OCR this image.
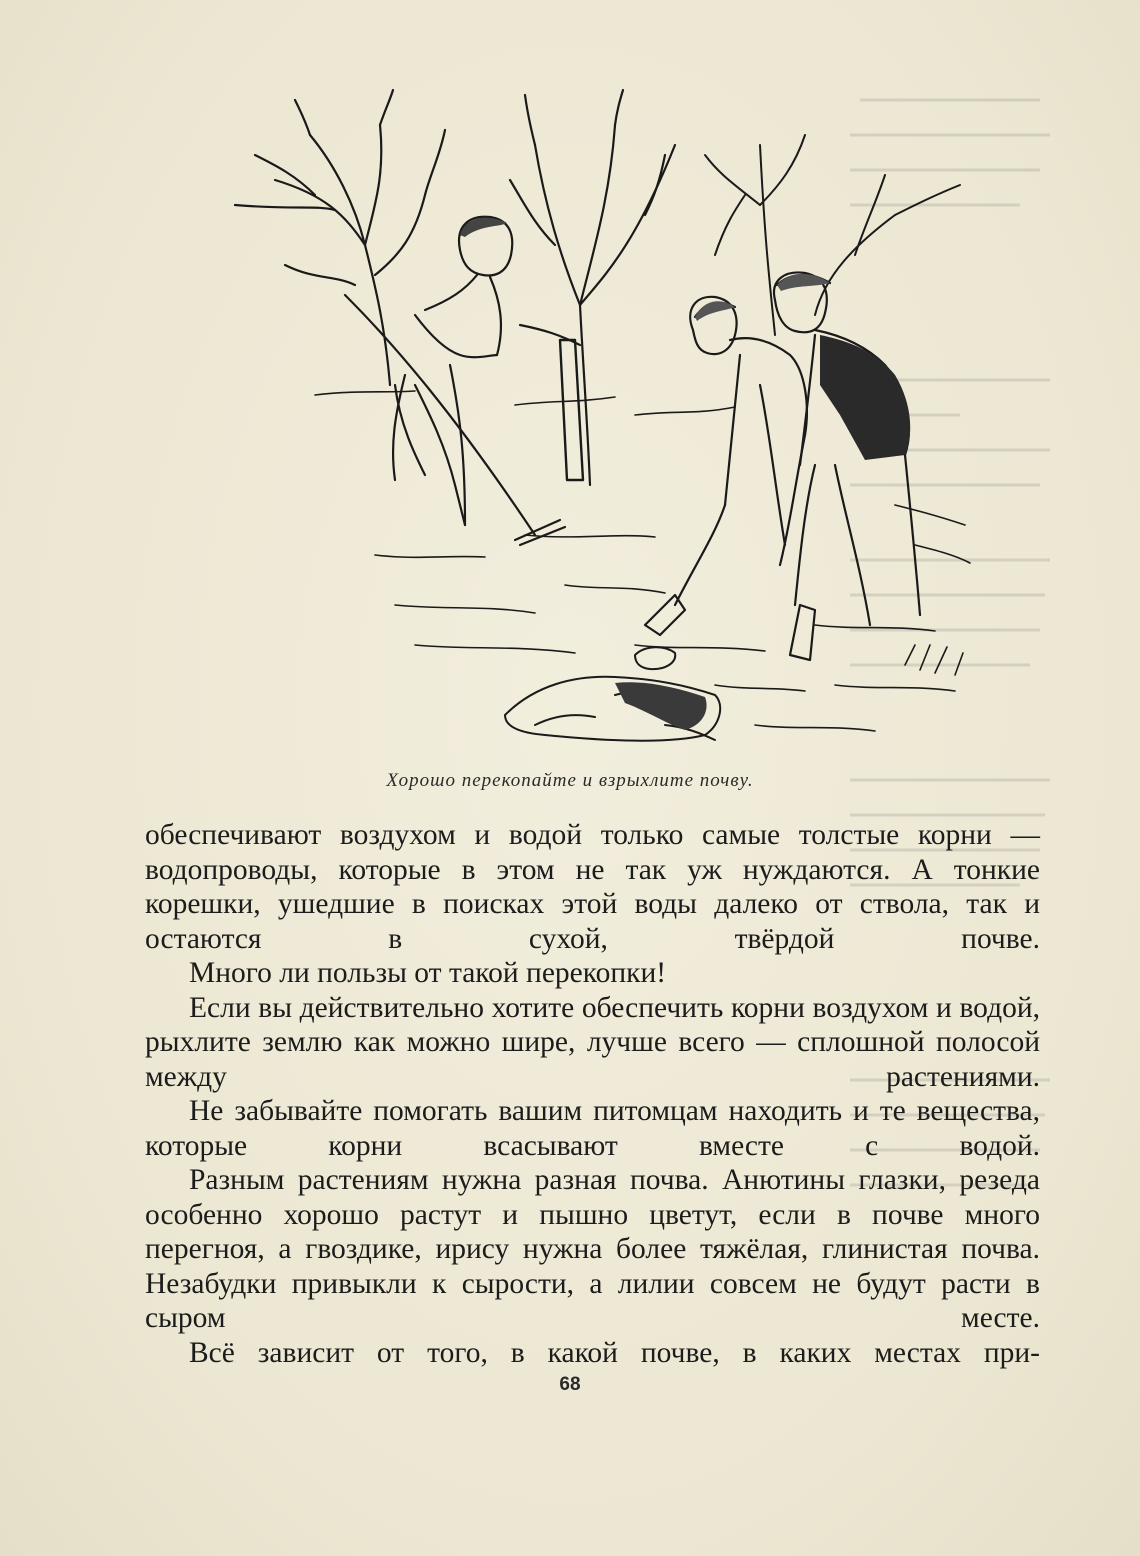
Хорошо перекопайте и взрыхлите почву.

обеспечивают воздухом и водой только самые толстые корни — водопроводы, которые в этом не так уж нуждаются. А тонкие корешки, ушедшие в поисках этой воды далеко от ствола, так и остаются в сухой, твёрдой почве.

Много ли пользы от такой перекопки!

Если вы действительно хотите обеспечить корни воздухом и водой, рыхлите землю как можно шире, лучше всего — сплошной полосой между растениями.

Не забывайте помогать вашим питомцам находить и те вещества, которые корни всасывают вместе с водой.

Разным растениям нужна разная почва. Анютины глазки, резеда особенно хорошо растут и пышно цветут, если в почве много перегноя, а гвоздике, ирису нужна более тяжёлая, глинистая почва. Незабудки привыкли к сырости, а лилии совсем не будут расти в сыром месте.

Всё зависит от того, в какой почве, в каких местах при-

68
